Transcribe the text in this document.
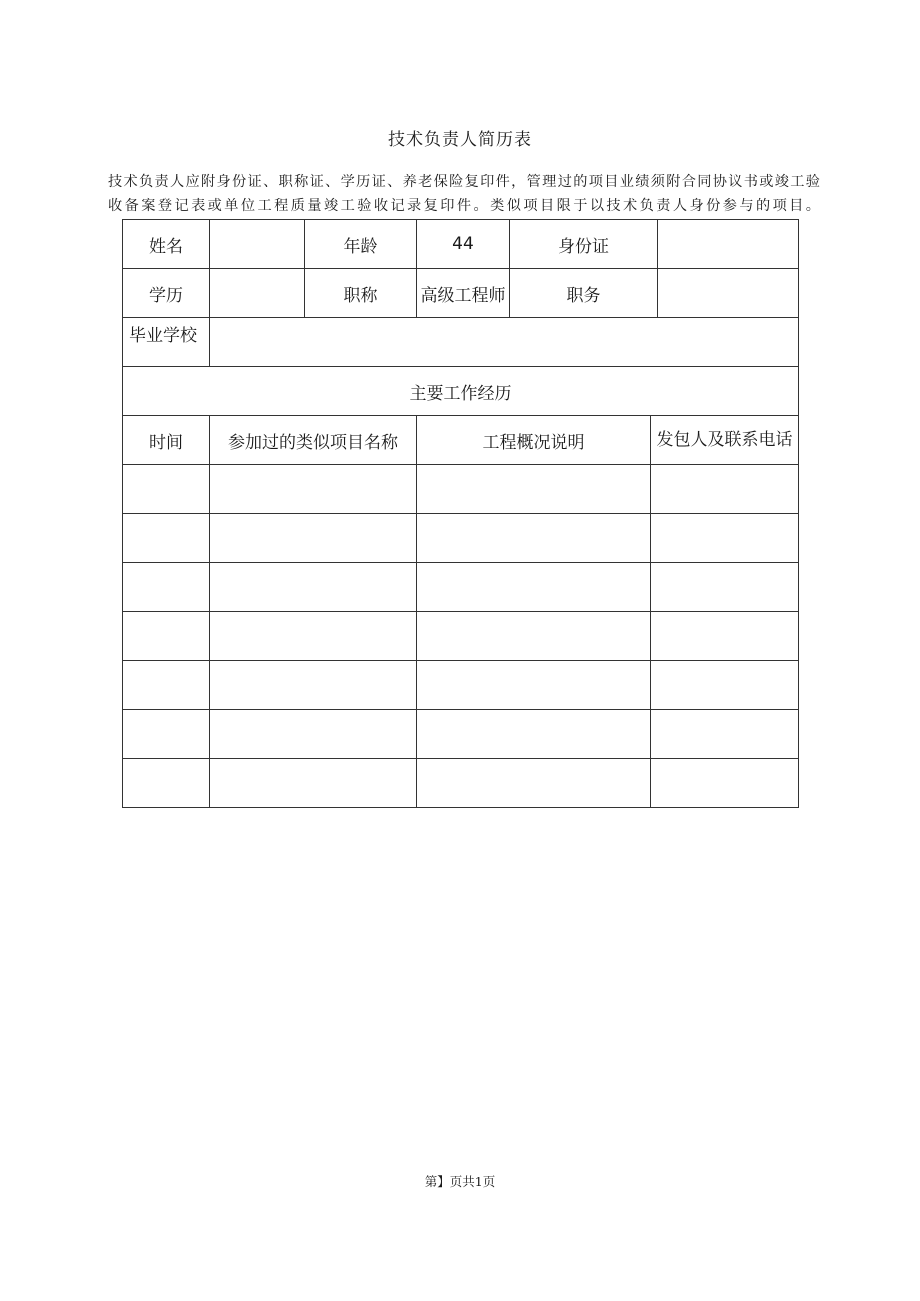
技术负责人简历表

技术负责人应附身份证、职称证、学历证、养老保险复印件，管理过的项目业绩须附合同协议书或竣工验

收备案登记表或单位工程质量竣工验收记录复印件。类似项目限于以技术负责人身份参与的项目。

姓名		年龄	44	身份证		
学历		职称	高级工程师	职务		
毕业学校						
主要工作经历						
时间	参加过的类似项目名称		工程概况说明		发包人及联系电话	

第】页共1页
